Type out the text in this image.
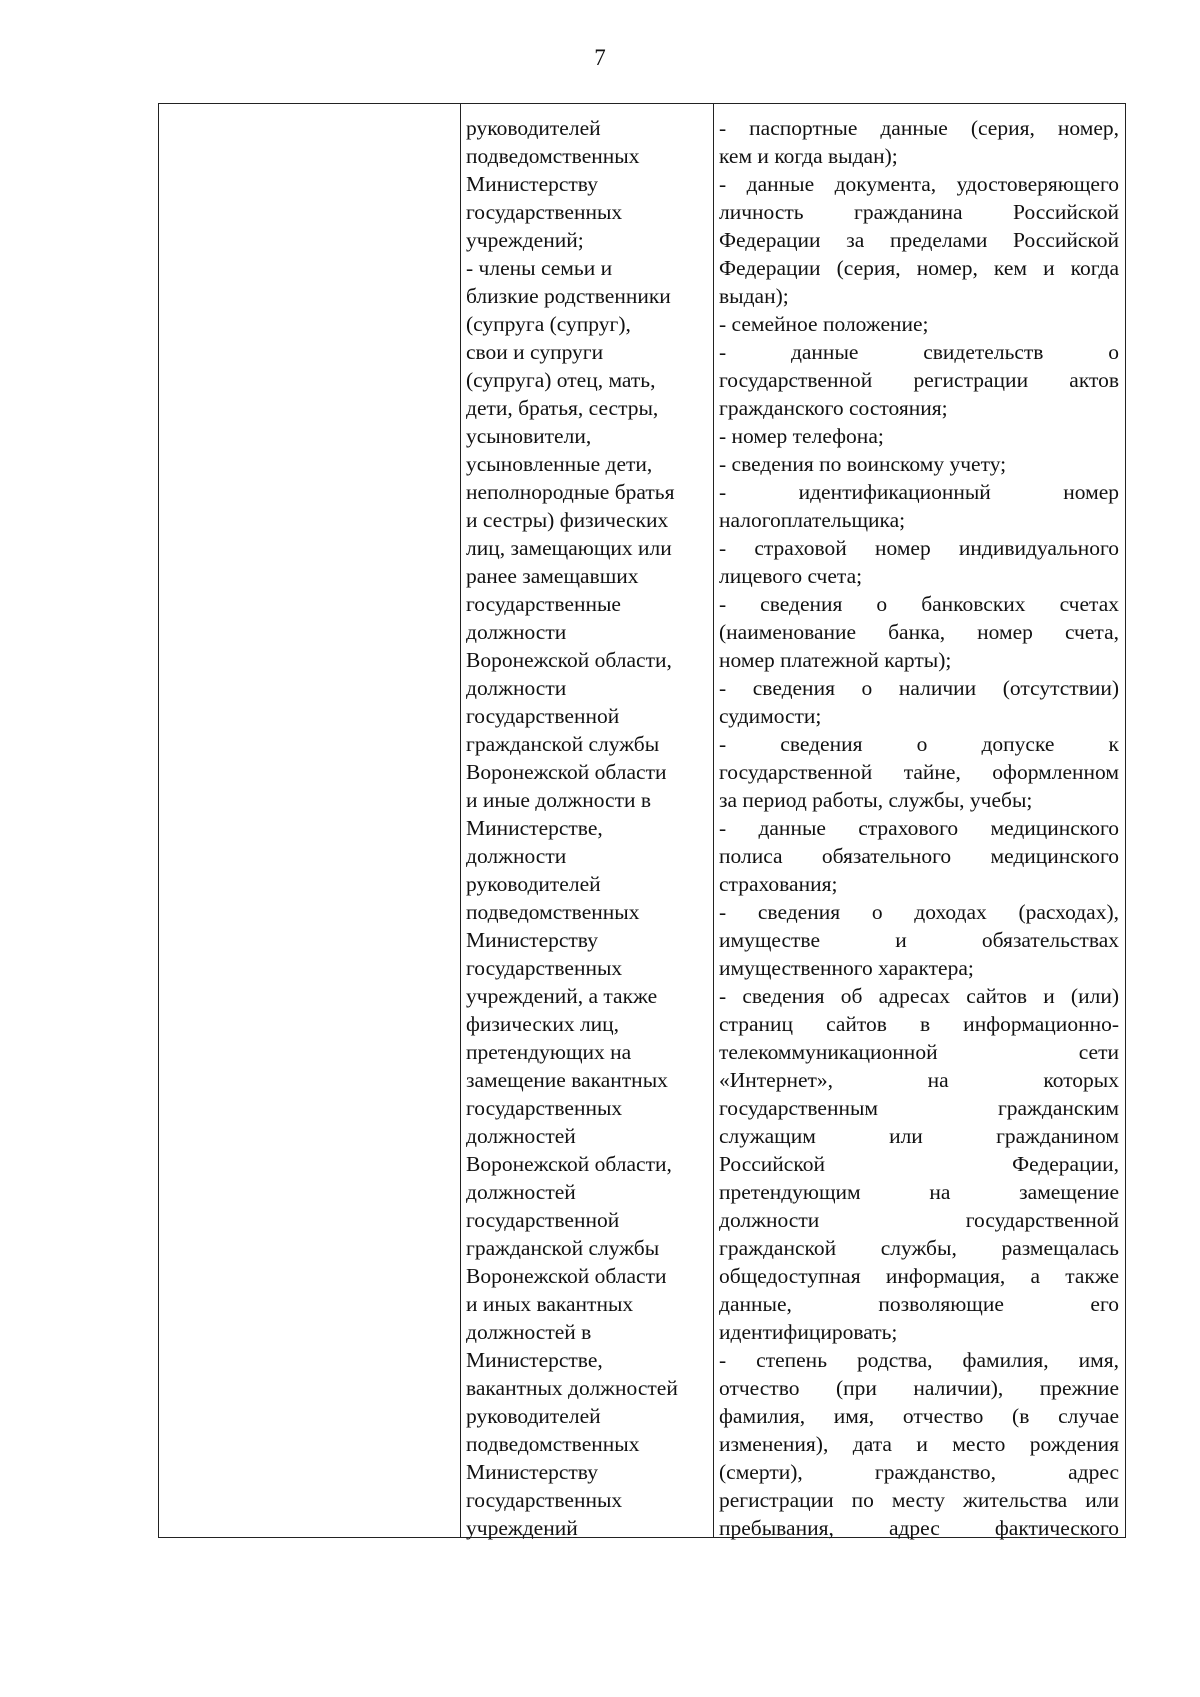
7
руководителей
подведомственных
Министерству
государственных
учреждений;
- члены семьи и
близкие родственники
(супруга (супруг),
свои и супруги
(супруга) отец, мать,
дети, братья, сестры,
усыновители,
усыновленные дети,
неполнородные братья
и сестры) физических
лиц, замещающих или
ранее замещавших
государственные
должности
Воронежской области,
должности
государственной
гражданской службы
Воронежской области
и иные должности в
Министерстве,
должности
руководителей
подведомственных
Министерству
государственных
учреждений, а также
физических лиц,
претендующих на
замещение вакантных
государственных
должностей
Воронежской области,
должностей
государственной
гражданской службы
Воронежской области
и иных вакантных
должностей в
Министерстве,
вакантных должностей
руководителей
подведомственных
Министерству
государственных
учреждений
- паспортные данные (серия, номер,
кем и когда выдан);
- данные документа, удостоверяющего
личность гражданина Российской
Федерации за пределами Российской
Федерации (серия, номер, кем и когда
выдан);
- семейное положение;
- данные свидетельств о
государственной регистрации актов
гражданского состояния;
- номер телефона;
- сведения по воинскому учету;
- идентификационный номер
налогоплательщика;
- страховой номер индивидуального
лицевого счета;
- сведения о банковских счетах
(наименование банка, номер счета,
номер платежной карты);
- сведения о наличии (отсутствии)
судимости;
- сведения о допуске к
государственной тайне, оформленном
за период работы, службы, учебы;
- данные страхового медицинского
полиса обязательного медицинского
страхования;
- сведения о доходах (расходах),
имуществе и обязательствах
имущественного характера;
- сведения об адресах сайтов и (или)
страниц сайтов в информационно-
телекоммуникационной сети
«Интернет», на которых
государственным гражданским
служащим или гражданином
Российской Федерации,
претендующим на замещение
должности государственной
гражданской службы, размещалась
общедоступная информация, а также
данные, позволяющие его
идентифицировать;
- степень родства, фамилия, имя,
отчество (при наличии), прежние
фамилия, имя, отчество (в случае
изменения), дата и место рождения
(смерти), гражданство, адрес
регистрации по месту жительства или
пребывания, адрес фактического
